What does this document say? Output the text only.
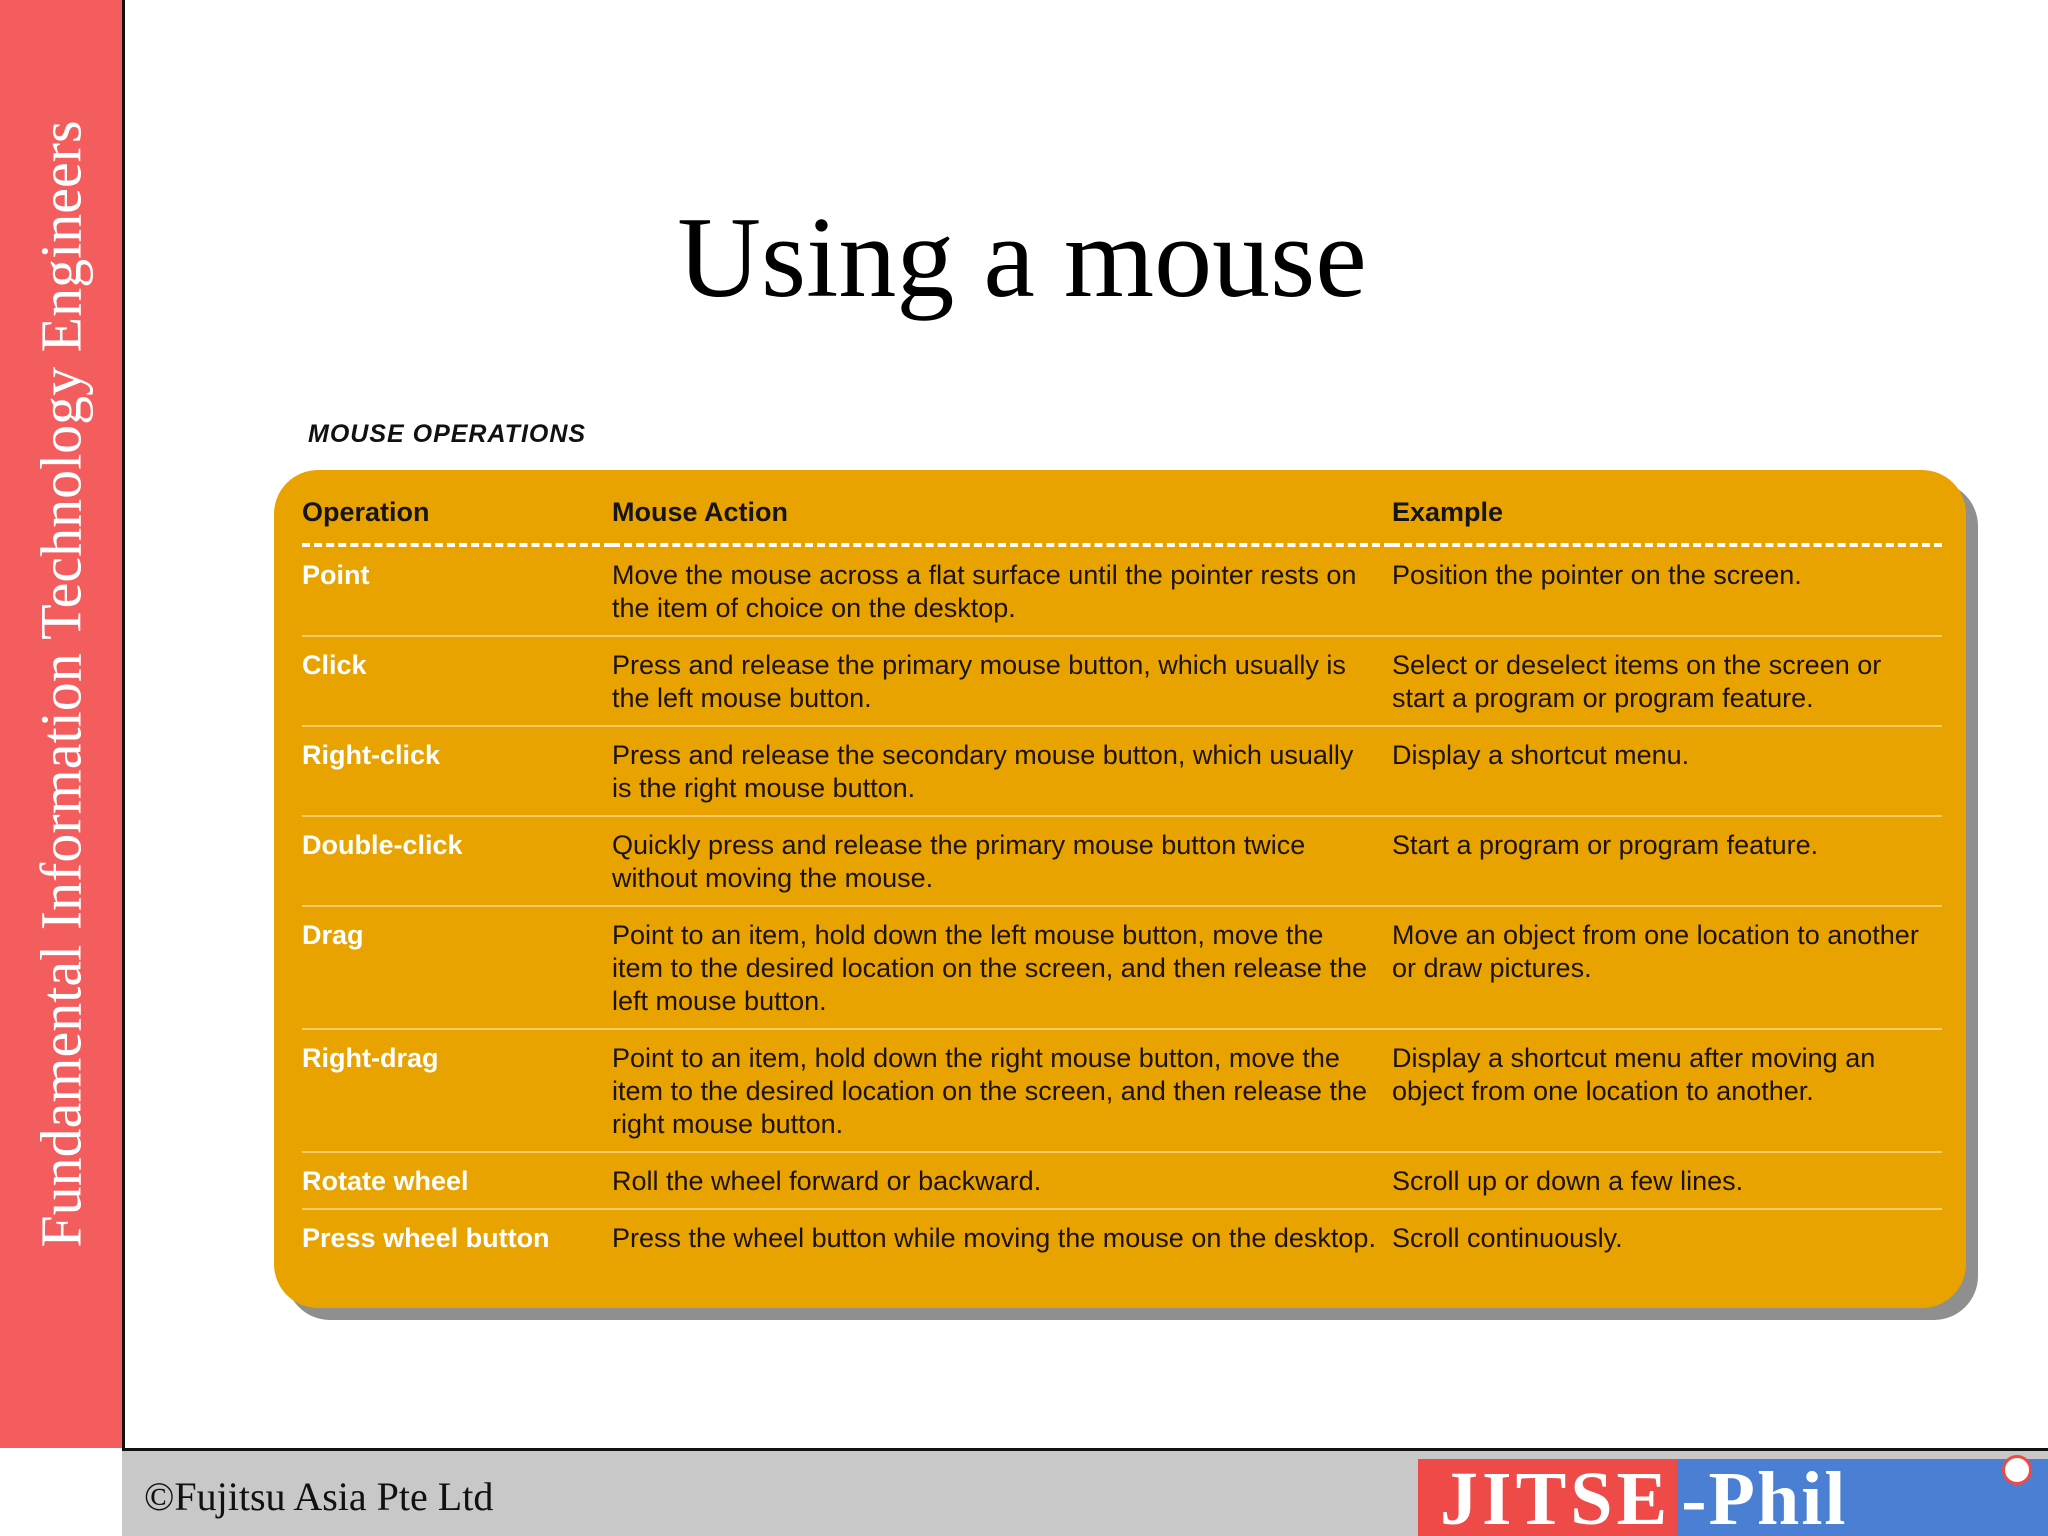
Fundamental Information Technology Engineers	Using a mouse
MOUSE OPERATIONS
Operation	Mouse Action	Example
Point	Move the mouse across a flat surface until the pointer rests on the item of choice on the desktop.	Position the pointer on the screen.
Click	Press and release the primary mouse button, which usually is the left mouse button.	Select or deselect items on the screen or start a program or program feature.
Right-click	Press and release the secondary mouse button, which usually is the right mouse button.	Display a shortcut menu.
Double-click	Quickly press and release the primary mouse button twice without moving the mouse.	Start a program or program feature.
Drag	Point to an item, hold down the left mouse button, move the item to the desired location on the screen, and then release the left mouse button.	Move an object from one location to another or draw pictures.
Right-drag	Point to an item, hold down the right mouse button, move the item to the desired location on the screen, and then release the right mouse button.	Display a shortcut menu after moving an object from one location to another.
Rotate wheel	Roll the wheel forward or backward.	Scroll up or down a few lines.
Press wheel button	Press the wheel button while moving the mouse on the desktop.	Scroll continuously.
©Fujitsu Asia Pte Ltd	JITSE -Phil
